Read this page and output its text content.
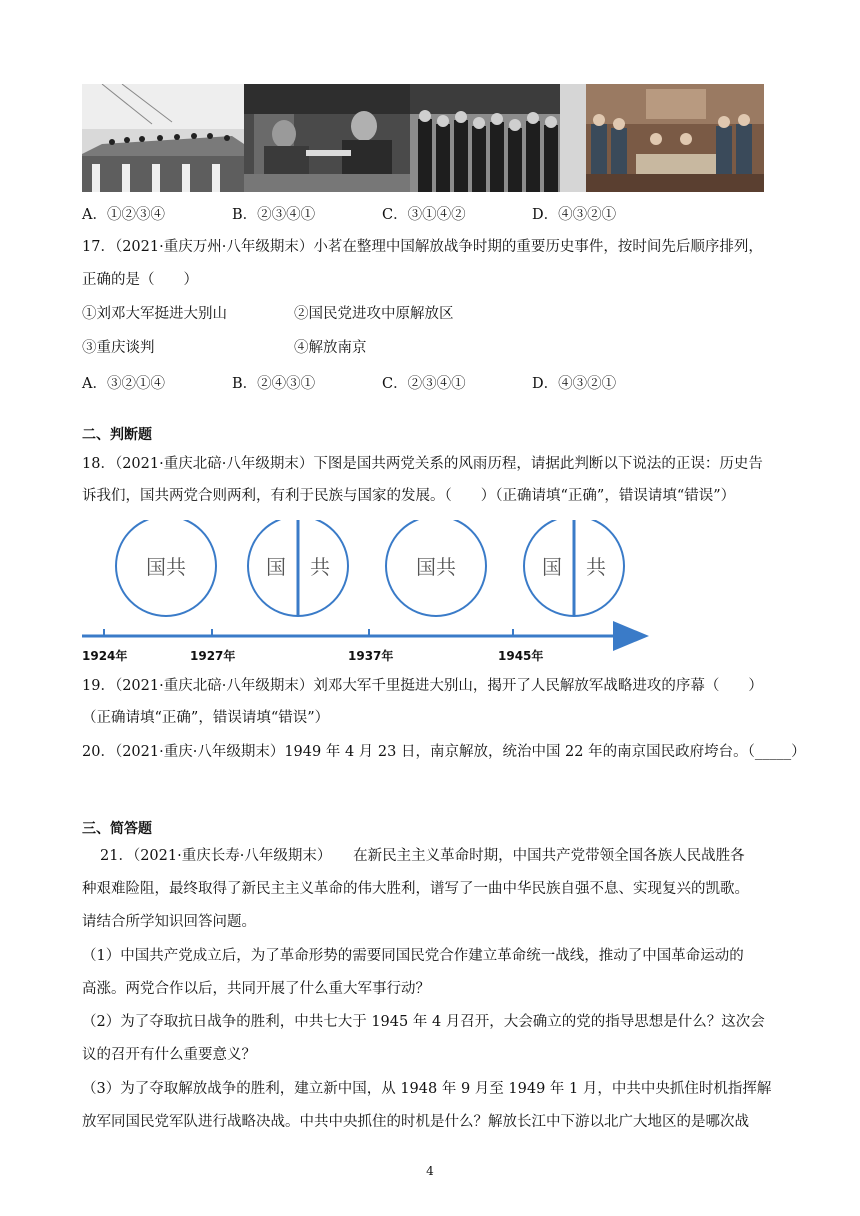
A．①②③④	B．②③④①	C．③①④②	D．④③②①
17．（2021·重庆万州·八年级期末）小茗在整理中国解放战争时期的重要历史事件，按时间先后顺序排列，
正确的是（　　）
①刘邓大军挺进大别山	②国民党进攻中原解放区
③重庆谈判	④解放南京
A．③②①④	B．②④③①	C．②③④①	D．④③②①
二、判断题
18．（2021·重庆北碚·八年级期末）下图是国共两党关系的风雨历程，请据此判断以下说法的正误：历史告
诉我们，国共两党合则两利，有利于民族与国家的发展。（　　）（正确请填“正确”，错误请填“错误”）
国共	国 共	国共	国 共
1924年	1927年	1937年	1945年
19．（2021·重庆北碚·八年级期末）刘邓大军千里挺进大别山，揭开了人民解放军战略进攻的序幕（　　）
（正确请填“正确”，错误请填“错误”）
20．（2021·重庆·八年级期末）1949 年 4 月 23 日，南京解放，统治中国 22 年的南京国民政府垮台。（_____）
三、简答题
21．（2021·重庆长寿·八年级期末）　　在新民主主义革命时期，中国共产党带领全国各族人民战胜各
种艰难险阻，最终取得了新民主主义革命的伟大胜利，谱写了一曲中华民族自强不息、实现复兴的凯歌。
请结合所学知识回答问题。
（1）中国共产党成立后，为了革命形势的需要同国民党合作建立革命统一战线，推动了中国革命运动的
高涨。两党合作以后，共同开展了什么重大军事行动？
（2）为了夺取抗日战争的胜利，中共七大于 1945 年 4 月召开，大会确立的党的指导思想是什么？这次会
议的召开有什么重要意义？
（3）为了夺取解放战争的胜利，建立新中国，从 1948 年 9 月至 1949 年 1 月，中共中央抓住时机指挥解
放军同国民党军队进行战略决战。中共中央抓住的时机是什么？解放长江中下游以北广大地区的是哪次战
4
